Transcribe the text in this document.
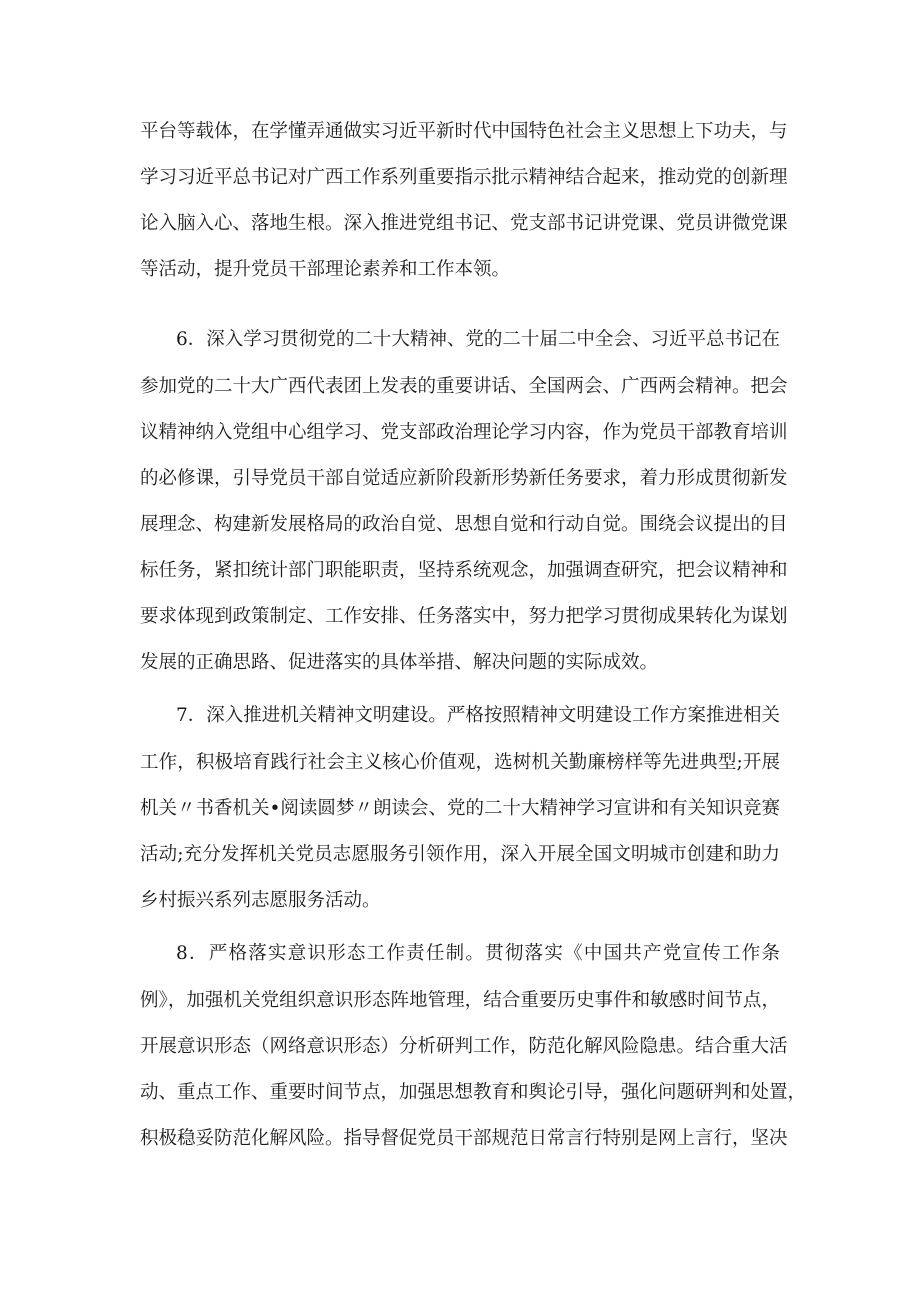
平台等载体，在学懂弄通做实习近平新时代中国特色社会主义思想上下功夫，与
学习习近平总书记对广西工作系列重要指示批示精神结合起来，推动党的创新理
论入脑入心、落地生根。深入推进党组书记、党支部书记讲党课、党员讲微党课
等活动，提升党员干部理论素养和工作本领。
6．深入学习贯彻党的二十大精神、党的二十届二中全会、习近平总书记在
参加党的二十大广西代表团上发表的重要讲话、全国两会、广西两会精神。把会
议精神纳入党组中心组学习、党支部政治理论学习内容，作为党员干部教育培训
的必修课，引导党员干部自觉适应新阶段新形势新任务要求，着力形成贯彻新发
展理念、构建新发展格局的政治自觉、思想自觉和行动自觉。围绕会议提出的目
标任务，紧扣统计部门职能职责，坚持系统观念，加强调查研究，把会议精神和
要求体现到政策制定、工作安排、任务落实中，努力把学习贯彻成果转化为谋划
发展的正确思路、促进落实的具体举措、解决问题的实际成效。
7．深入推进机关精神文明建设。严格按照精神文明建设工作方案推进相关
工作，积极培育践行社会主义核心价值观，选树机关勤廉榜样等先进典型;开展
机关〃书香机关•阅读圆梦〃朗读会、党的二十大精神学习宣讲和有关知识竞赛
活动;充分发挥机关党员志愿服务引领作用，深入开展全国文明城市创建和助力
乡村振兴系列志愿服务活动。
8．严格落实意识形态工作责任制。贯彻落实《中国共产党宣传工作条
例》，加强机关党组织意识形态阵地管理，结合重要历史事件和敏感时间节点，
开展意识形态（网络意识形态）分析研判工作，防范化解风险隐患。结合重大活
动、重点工作、重要时间节点，加强思想教育和舆论引导，强化问题研判和处置，
积极稳妥防范化解风险。指导督促党员干部规范日常言行特别是网上言行，坚决
